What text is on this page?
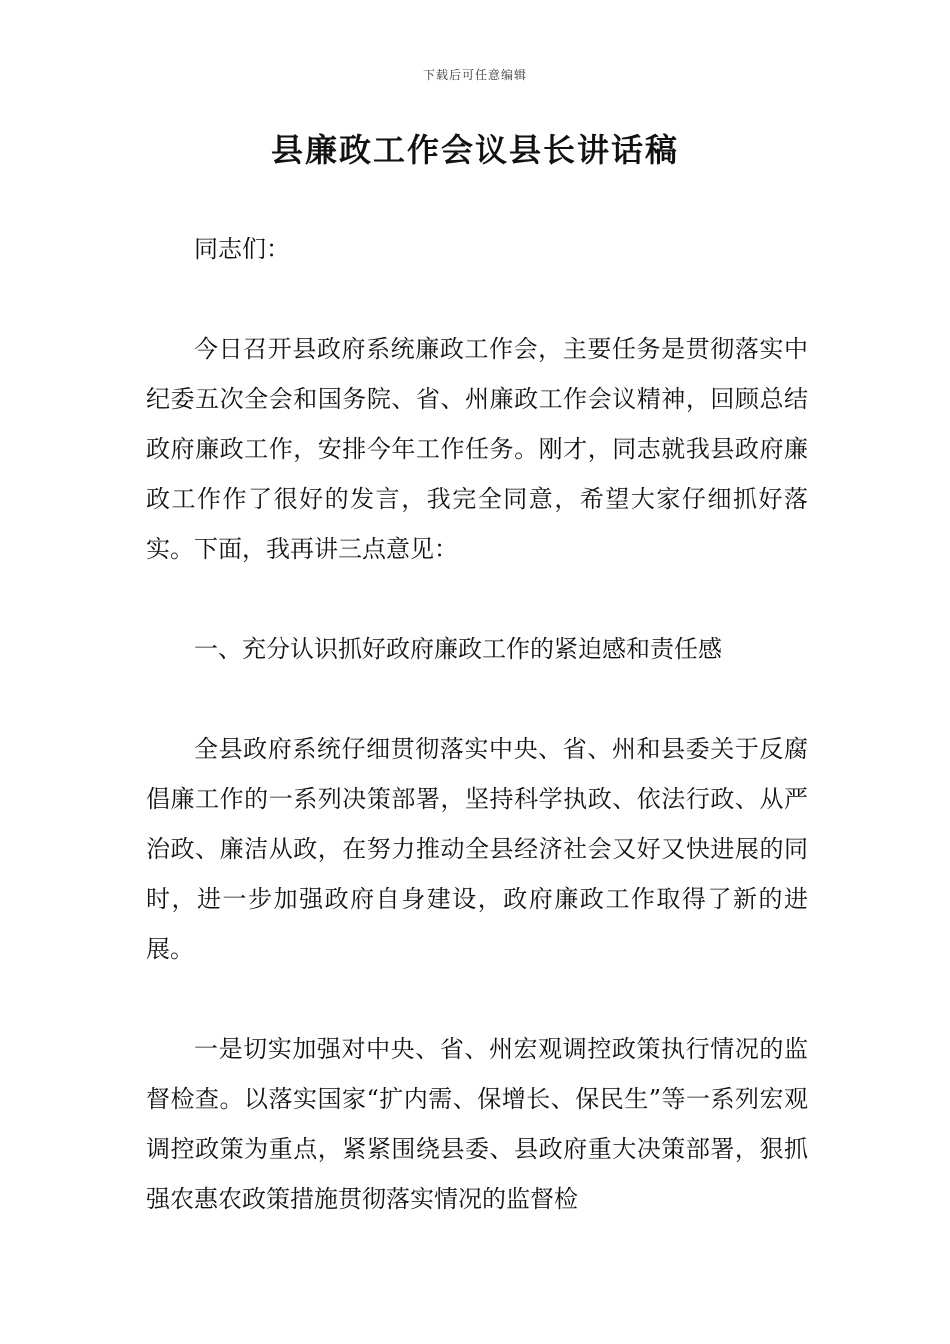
下载后可任意编辑
县廉政工作会议县长讲话稿

同志们：

今日召开县政府系统廉政工作会，主要任务是贯彻落实中纪委五次全会和国务院、省、州廉政工作会议精神，回顾总结政府廉政工作，安排今年工作任务。刚才，同志就我县政府廉政工作作了很好的发言，我完全同意，希望大家仔细抓好落实。下面，我再讲三点意见：

一、充分认识抓好政府廉政工作的紧迫感和责任感

全县政府系统仔细贯彻落实中央、省、州和县委关于反腐倡廉工作的一系列决策部署，坚持科学执政、依法行政、从严治政、廉洁从政，在努力推动全县经济社会又好又快进展的同时，进一步加强政府自身建设，政府廉政工作取得了新的进展。

一是切实加强对中央、省、州宏观调控政策执行情况的监督检查。以落实国家“扩内需、保增长、保民生”等一系列宏观调控政策为重点，紧紧围绕县委、县政府重大决策部署，狠抓强农惠农政策措施贯彻落实情况的监督检
